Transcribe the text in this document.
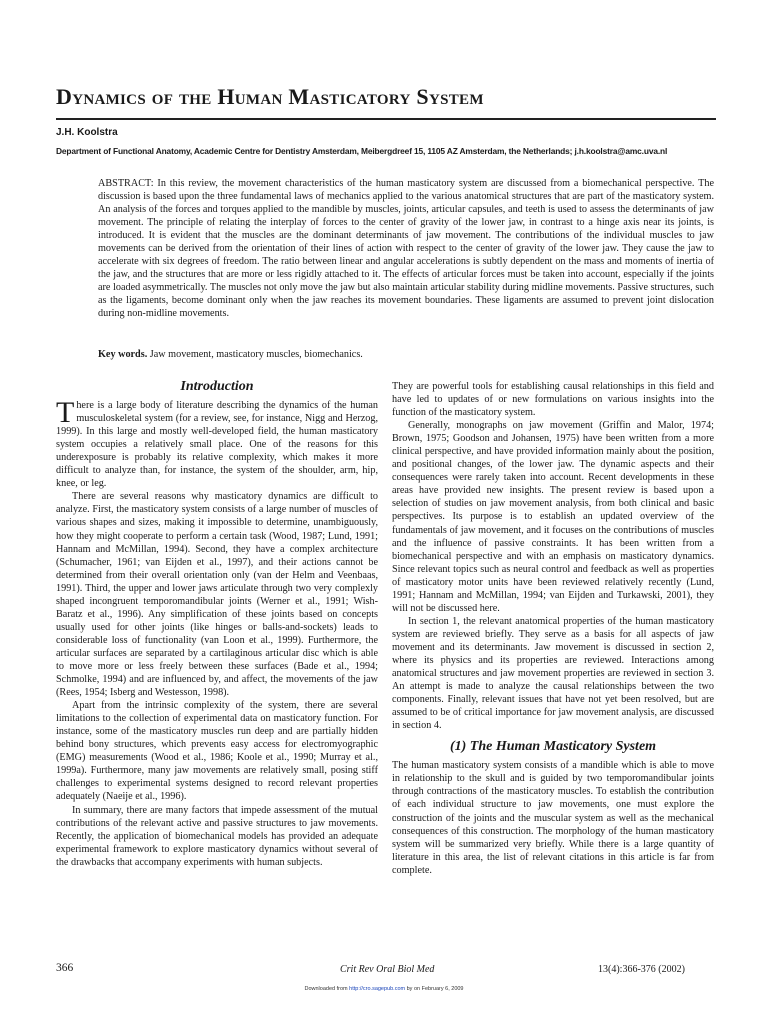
Dynamics of the Human Masticatory System
J.H. Koolstra
Department of Functional Anatomy, Academic Centre for Dentistry Amsterdam, Meibergdreef 15, 1105 AZ Amsterdam, the Netherlands; j.h.koolstra@amc.uva.nl

ABSTRACT: In this review, the movement characteristics of the human masticatory system are discussed from a biomechanical perspective. The discussion is based upon the three fundamental laws of mechanics applied to the various anatomical structures that are part of the masticatory system. An analysis of the forces and torques applied to the mandible by muscles, joints, articular capsules, and teeth is used to assess the determinants of jaw movement. The principle of relating the interplay of forces to the center of gravity of the lower jaw, in contrast to a hinge axis near its joints, is introduced. It is evident that the muscles are the dominant determinants of jaw movement. The contributions of the individual muscles to jaw movements can be derived from the orientation of their lines of action with respect to the center of gravity of the lower jaw. They cause the jaw to accelerate with six degrees of freedom. The ratio between linear and angular accelerations is subtly dependent on the mass and moments of inertia of the jaw, and the structures that are more or less rigidly attached to it. The effects of articular forces must be taken into account, especially if the joints are loaded asymmetrically. The muscles not only move the jaw but also maintain articular stability during midline movements. Passive structures, such as the ligaments, become dominant only when the jaw reaches its movement boundaries. These ligaments are assumed to prevent joint dislocation during non-midline movements.

Key words. Jaw movement, masticatory muscles, biomechanics.

Introduction

There is a large body of literature describing the dynamics of the human musculoskeletal system (for a review, see, for instance, Nigg and Herzog, 1999). In this large and mostly well-developed field, the human masticatory system occupies a relatively small place. One of the reasons for this underexposure is probably its relative complexity, which makes it more difficult to analyze than, for instance, the system of the shoulder, arm, hip, knee, or leg.

There are several reasons why masticatory dynamics are difficult to analyze. First, the masticatory system consists of a large number of muscles of various shapes and sizes, making it impossible to determine, unambiguously, how they might cooperate to perform a certain task (Wood, 1987; Lund, 1991; Hannam and McMillan, 1994). Second, they have a complex architecture (Schumacher, 1961; van Eijden et al., 1997), and their actions cannot be determined from their overall orientation only (van der Helm and Veenbaas, 1991). Third, the upper and lower jaws articulate through two very complexly shaped incongruent temporomandibular joints (Werner et al., 1991; Wish-Baratz et al., 1996). Any simplification of these joints based on concepts usually used for other joints (like hinges or balls-and-sockets) leads to considerable loss of functionality (van Loon et al., 1999). Furthermore, the articular surfaces are separated by a cartilaginous articular disc which is able to move more or less freely between these surfaces (Bade et al., 1994; Schmolke, 1994) and are influenced by, and affect, the movements of the jaw (Rees, 1954; Isberg and Westesson, 1998).

Apart from the intrinsic complexity of the system, there are several limitations to the collection of experimental data on masticatory function. For instance, some of the masticatory muscles run deep and are partially hidden behind bony structures, which prevents easy access for electromyographic (EMG) measurements (Wood et al., 1986; Koole et al., 1990; Murray et al., 1999a). Furthermore, many jaw movements are relatively small, posing stiff challenges to experimental systems designed to record relevant properties adequately (Naeije et al., 1996).

In summary, there are many factors that impede assessment of the mutual contributions of the relevant active and passive structures to jaw movements. Recently, the application of biomechanical models has provided an adequate experimental framework to explore masticatory dynamics without several of the drawbacks that accompany experiments with human subjects.

They are powerful tools for establishing causal relationships in this field and have led to updates of or new formulations on various insights into the function of the masticatory system.

Generally, monographs on jaw movement (Griffin and Malor, 1974; Brown, 1975; Goodson and Johansen, 1975) have been written from a more clinical perspective, and have provided information mainly about the position, and positional changes, of the lower jaw. The dynamic aspects and their consequences were rarely taken into account. Recent developments in these areas have provided new insights. The present review is based upon a selection of studies on jaw movement analysis, from both clinical and basic perspectives. Its purpose is to establish an updated overview of the fundamentals of jaw movement, and it focuses on the contributions of muscles and the influence of passive constraints. It has been written from a biomechanical perspective and with an emphasis on masticatory dynamics. Since relevant topics such as neural control and feedback as well as properties of masticatory motor units have been reviewed relatively recently (Lund, 1991; Hannam and McMillan, 1994; van Eijden and Turkawski, 2001), they will not be discussed here.

In section 1, the relevant anatomical properties of the human masticatory system are reviewed briefly. They serve as a basis for all aspects of jaw movement and its determinants. Jaw movement is discussed in section 2, where its physics and its properties are reviewed. Interactions among anatomical structures and jaw movement properties are reviewed in section 3. An attempt is made to analyze the causal relationships between the two components. Finally, relevant issues that have not yet been resolved, but are assumed to be of critical importance for jaw movement analysis, are discussed in section 4.

(1) The Human Masticatory System

The human masticatory system consists of a mandible which is able to move in relationship to the skull and is guided by two temporomandibular joints through contractions of the masticatory muscles. To establish the contribution of each individual structure to jaw movements, one must explore the construction of the joints and the muscular system as well as the mechanical consequences of this construction. The morphology of the human masticatory system will be summarized very briefly. While there is a large quantity of literature in this area, the list of relevant citations in this article is far from complete.

366	Crit Rev Oral Biol Med	13(4):366-376 (2002)
Downloaded from http://cro.sagepub.com by on February 6, 2009
